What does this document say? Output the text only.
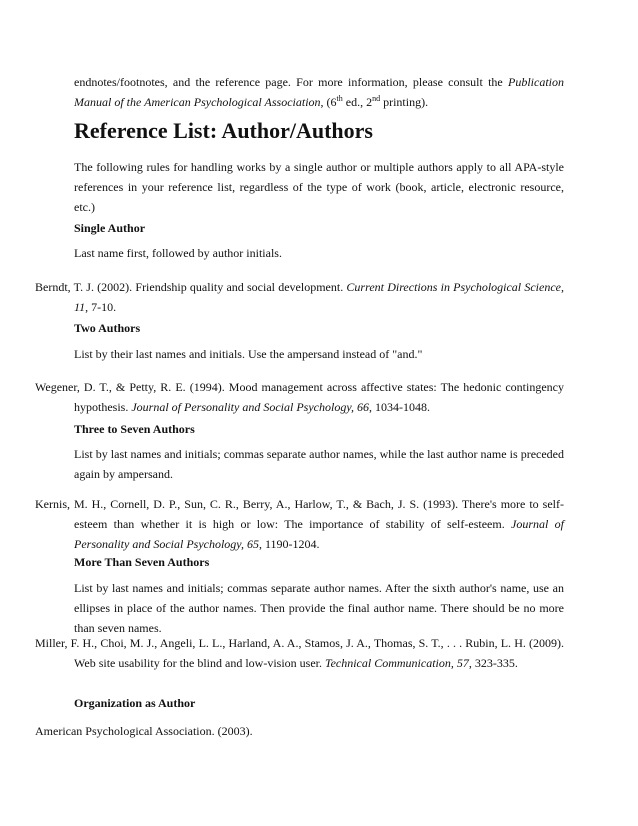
endnotes/footnotes, and the reference page. For more information, please consult the Publication Manual of the American Psychological Association, (6th ed., 2nd printing).

Reference List: Author/Authors

The following rules for handling works by a single author or multiple authors apply to all APA-style references in your reference list, regardless of the type of work (book, article, electronic resource, etc.)

Single Author

Last name first, followed by author initials.

Berndt, T. J. (2002). Friendship quality and social development. Current Directions in Psychological Science, 11, 7-10.

Two Authors

List by their last names and initials. Use the ampersand instead of "and."

Wegener, D. T., & Petty, R. E. (1994). Mood management across affective states: The hedonic contingency hypothesis. Journal of Personality and Social Psychology, 66, 1034-1048.

Three to Seven Authors

List by last names and initials; commas separate author names, while the last author name is preceded again by ampersand.

Kernis, M. H., Cornell, D. P., Sun, C. R., Berry, A., Harlow, T., & Bach, J. S. (1993). There's more to self-esteem than whether it is high or low: The importance of stability of self-esteem. Journal of Personality and Social Psychology, 65, 1190-1204.

More Than Seven Authors

List by last names and initials; commas separate author names. After the sixth author's name, use an ellipses in place of the author names. Then provide the final author name. There should be no more than seven names.

Miller, F. H., Choi, M. J., Angeli, L. L., Harland, A. A., Stamos, J. A., Thomas, S. T., . . . Rubin, L. H. (2009). Web site usability for the blind and low-vision user. Technical Communication, 57, 323-335.

Organization as Author

American Psychological Association. (2003).
